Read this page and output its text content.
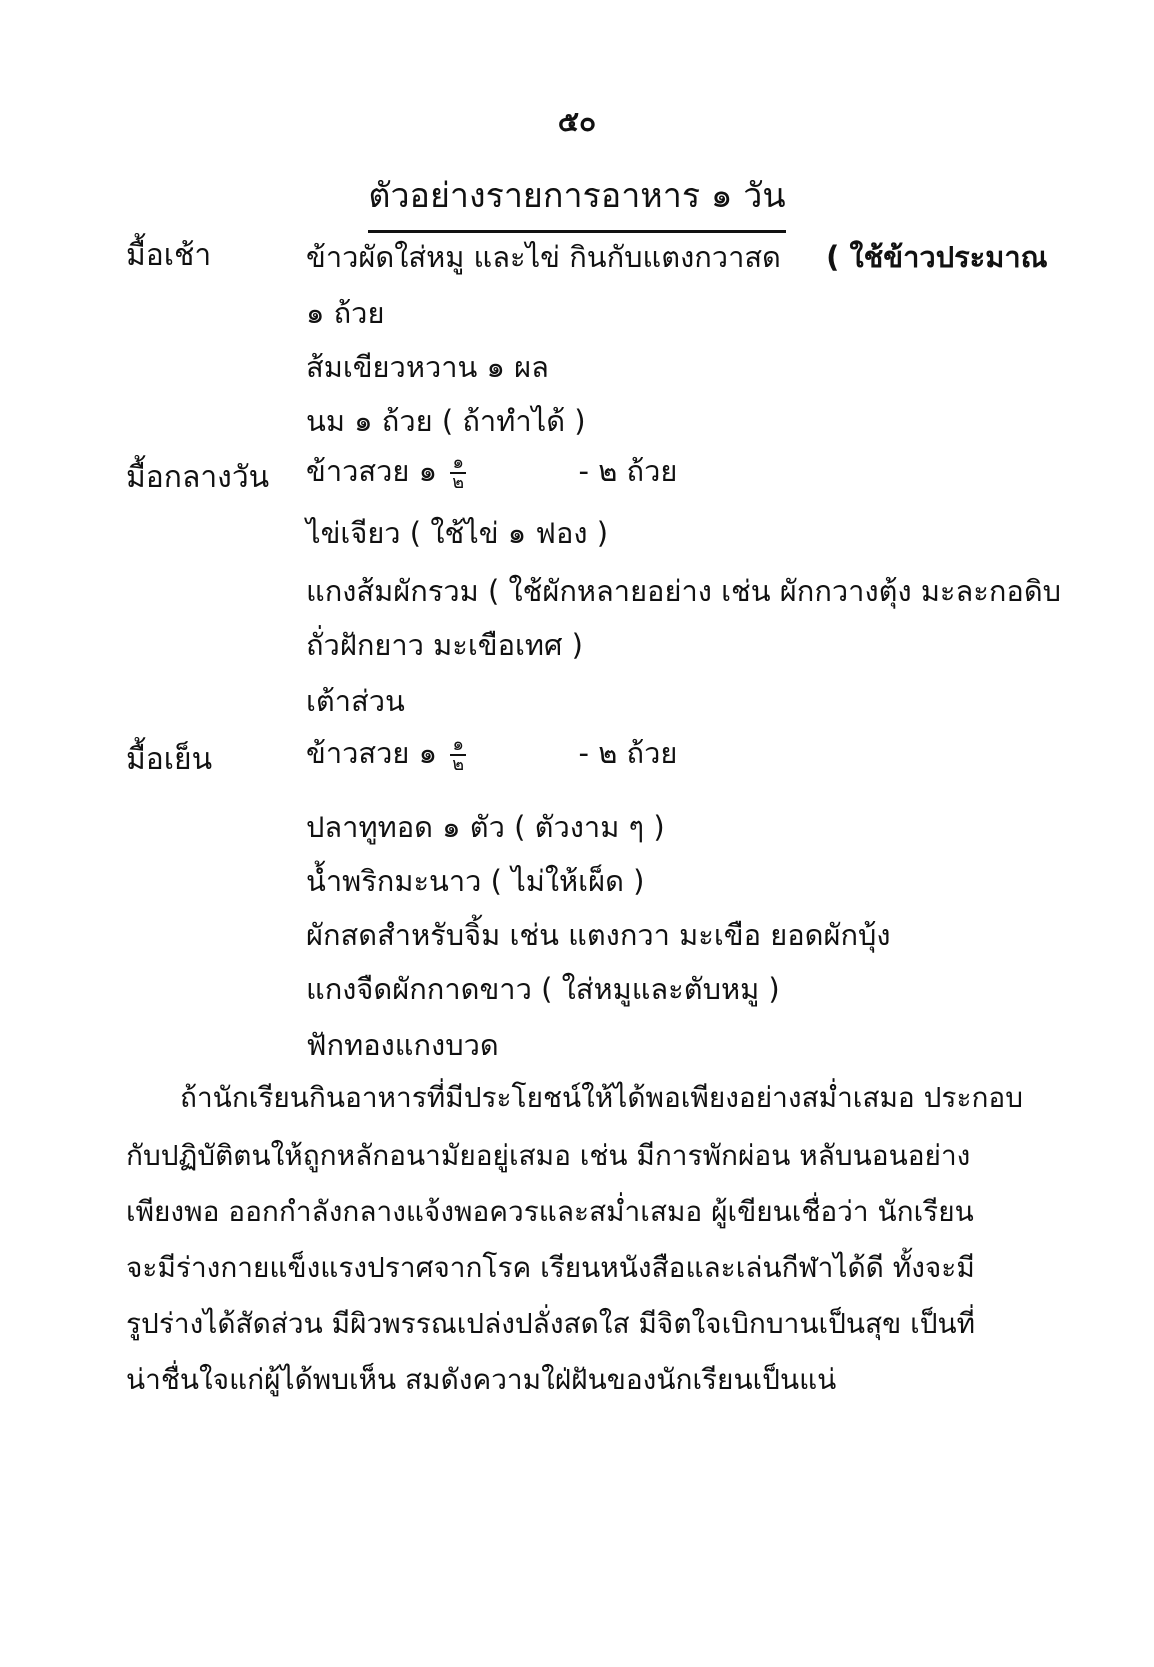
๕๐
ตัวอย่างรายการอาหาร ๑ วัน
มื้อเช้า	ข้าวผัดใส่หมู และไข่ กินกับแตงกวาสด ( ใช้ข้าวประมาณ
๑ ถ้วย
ส้มเขียวหวาน ๑ ผล
นม ๑ ถ้วย ( ถ้าทำได้ )
มื้อกลางวัน ข้าวสวย ๑ $\frac{๑}{๒}$	- ๒ ถ้วย
ไข่เจียว ( ใช้ไข่ ๑ ฟอง )
แกงส้มผักรวม ( ใช้ผักหลายอย่าง เช่น ผักกวางตุ้ง มะละกอดิบ
ถั่วฝักยาว มะเขือเทศ )
เต้าส่วน
มื้อเย็น	ข้าวสวย ๑ $\frac{๑}{๒}$	- ๒ ถ้วย
ปลาทูทอด ๑ ตัว ( ตัวงาม ๆ )
น้ำพริกมะนาว ( ไม่ให้เผ็ด )
ผักสดสำหรับจิ้ม เช่น แตงกวา มะเขือ ยอดผักบุ้ง
แกงจืดผักกาดขาว ( ใส่หมูและตับหมู )
ฟักทองแกงบวด
ถ้านักเรียนกินอาหารที่มีประโยชน์ให้ได้พอเพียงอย่างสม่ำเสมอ ประกอบ
กับปฏิบัติตนให้ถูกหลักอนามัยอยู่เสมอ เช่น มีการพักผ่อน หลับนอนอย่าง
เพียงพอ ออกกำลังกลางแจ้งพอควรและสม่ำเสมอ ผู้เขียนเชื่อว่า นักเรียน
จะมีร่างกายแข็งแรงปราศจากโรค เรียนหนังสือและเล่นกีฬาได้ดี ทั้งจะมี
รูปร่างได้สัดส่วน มีผิวพรรณเปล่งปลั่งสดใส มีจิตใจเบิกบานเป็นสุข เป็นที่
น่าชื่นใจแก่ผู้ได้พบเห็น สมดังความใฝ่ฝันของนักเรียนเป็นแน่
